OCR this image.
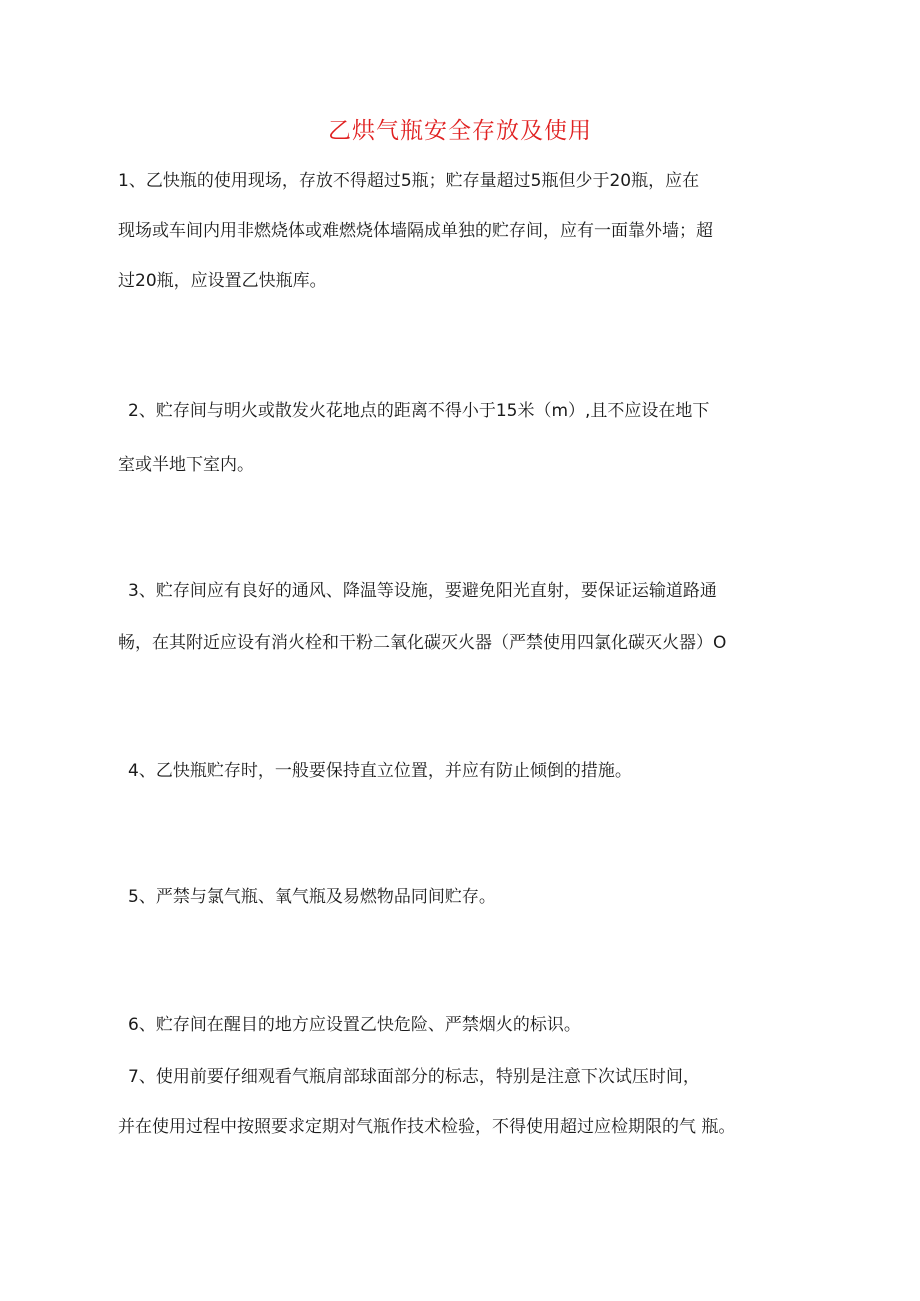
乙烘气瓶安全存放及使用

1、乙快瓶的使用现场，存放不得超过5瓶；贮存量超过5瓶但少于20瓶，应在

现场或车间内用非燃烧体或难燃烧体墙隔成单独的贮存间，应有一面靠外墙；超

过20瓶，应设置乙快瓶库。

2、贮存间与明火或散发火花地点的距离不得小于15米（m）,且不应设在地下

室或半地下室内。

3、贮存间应有良好的通风、降温等设施，要避免阳光直射，要保证运输道路通

畅，在其附近应设有消火栓和干粉二氧化碳灭火器（严禁使用四氯化碳灭火器）O

4、乙快瓶贮存时，一般要保持直立位置，并应有防止倾倒的措施。

5、严禁与氯气瓶、氧气瓶及易燃物品同间贮存。

6、贮存间在醒目的地方应设置乙快危险、严禁烟火的标识。

7、使用前要仔细观看气瓶肩部球面部分的标志，特别是注意下次试压时间，

并在使用过程中按照要求定期对气瓶作技术检验，不得使用超过应检期限的气 瓶。
